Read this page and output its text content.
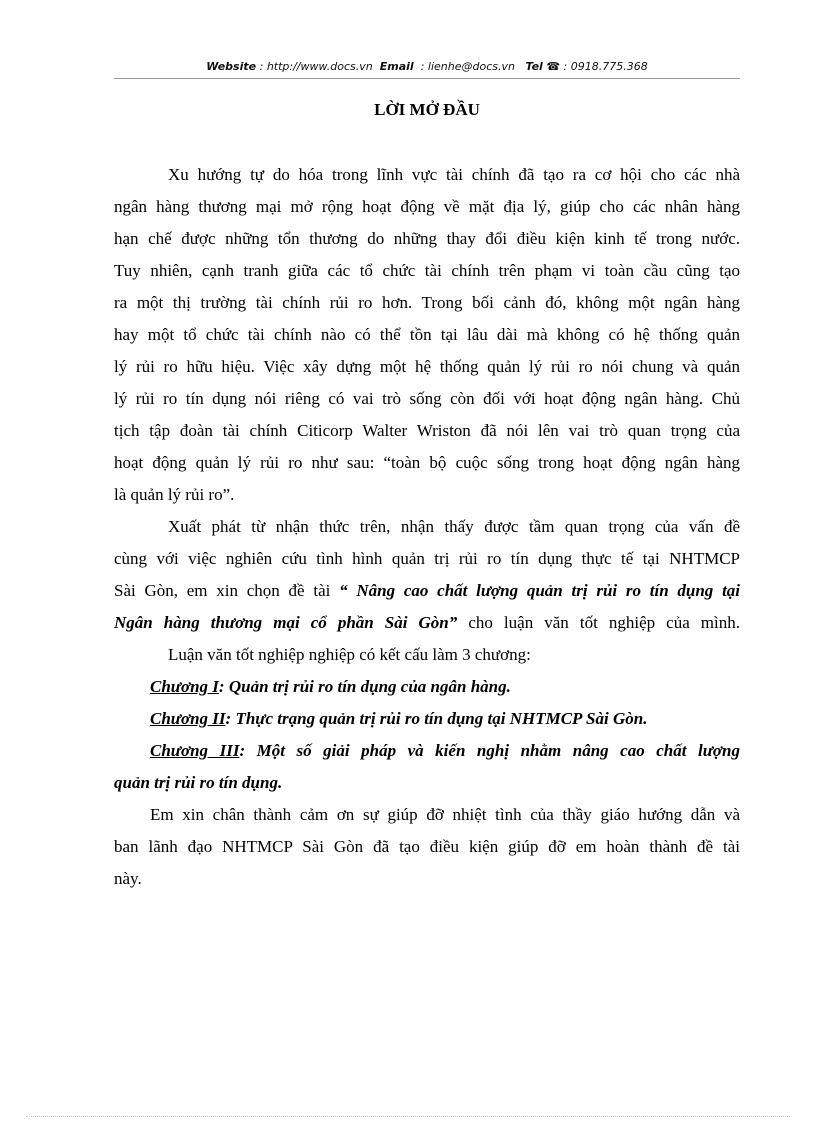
Website : http://www.docs.vn Email  : lienhe@docs.vn Tel ☎ : 0918.775.368
LỜI MỞ ĐẦU
Xu hướng tự do hóa trong lĩnh vực tài chính đã tạo ra cơ hội cho các nhà
ngân hàng thương mại mở rộng hoạt động về mặt địa lý, giúp cho các nhân hàng
hạn chế được những tổn thương do những thay đổi điều kiện kinh tế trong nước.
Tuy nhiên, cạnh tranh giữa các tổ chức tài chính trên phạm vi toàn cầu cũng tạo
ra một thị trường tài chính rủi ro hơn. Trong bối cảnh đó, không một ngân hàng
hay một tổ chức tài chính nào có thể tồn tại lâu dài mà không có hệ thống quản
lý rủi ro hữu hiệu. Việc xây dựng một hệ thống quản lý rủi ro nói chung và quản
lý rủi ro tín dụng nói riêng có vai trò sống còn đối với hoạt động ngân hàng. Chủ
tịch tập đoàn tài chính Citicorp Walter Wriston đã nói lên vai trò quan trọng của
hoạt động quản lý rủi ro như sau: “toàn bộ cuộc sống trong hoạt động ngân hàng
là quản lý rủi ro”.
Xuất phát từ nhận thức trên, nhận thấy được tầm quan trọng của vấn đề
cùng với việc nghiên cứu tình hình quản trị rủi ro tín dụng thực tế tại NHTMCP
Sài Gòn, em xin chọn đề tài “ Nâng cao chất lượng quản trị rủi ro tín dụng tại
Ngân hàng thương mại cổ phần Sài Gòn” cho luận văn tốt nghiệp của mình.
Luận văn tốt nghiệp nghiệp có kết cấu làm 3 chương:
Chương I: Quản trị rủi ro tín dụng của ngân hàng.
Chương II: Thực trạng quản trị rủi ro tín dụng tại NHTMCP Sài Gòn.
Chương III: Một số giải pháp và kiến nghị nhằm nâng cao chất lượng
quản trị rủi ro tín dụng.
Em xin chân thành cảm ơn sự giúp đỡ nhiệt tình của thầy giáo hướng dẫn và
ban lãnh đạo NHTMCP Sài Gòn đã tạo điều kiện giúp đỡ em hoàn thành đề tài
này.
